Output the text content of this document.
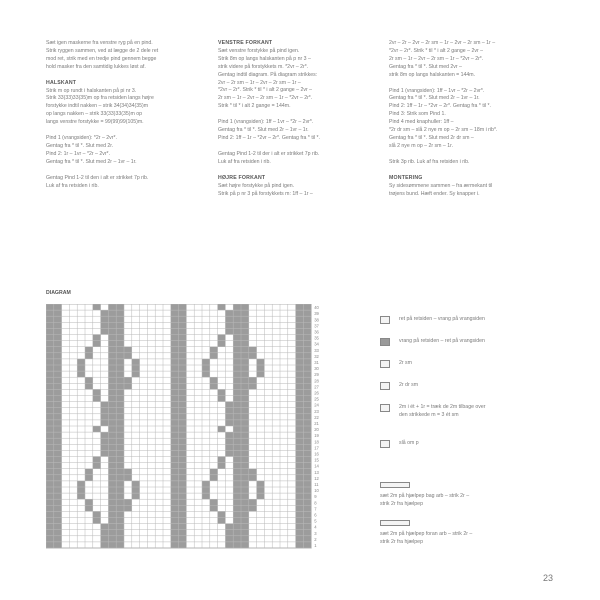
Sæt igen maskerne fra venstre ryg på en pind.
Strik ryggen sammen, ved at lægge de 2 dele ret
mod ret, strik med en tredje pind gennem begge
hold masker fra den samtidig lukkes løst af.
HALSKANT
Strik m op rundt i halskanten på pi nr 3.
Strik 33(33)33(35)m op fra retsiden langs højre
forstykke indtil nakken – strik 34(34)34(35)m
op langs nakken – strik 33(33)33(35)m op
langs venstre forstykke = 99(99)99(105)m.
Pind 1 (vrangsiden): *2r – 2vr*.
Gentag fra * til *. Slut med 2r.
Pind 2: 1r – 1vr – *2r – 2vr*.
Gentag fra * til *. Slut med 2r – 1vr – 1r.
Gentag Pind 1-2 til den i alt er strikket 7p rib.
Luk af fra retsiden i rib.
VENSTRE FORKANT
Sæt venstre forstykke på pind igen.
Strik 8m op langs halskanten på p nr 3 –
strik videre på forstykkets m. *2vr – 2r*.
Gentag indtil diagram. På diagram strikkes:
2vr – 2r sm – 1r – 2vr – 2r sm – 1r –
*2vr – 2r*. Strik * til * i alt 2 gange – 2vr –
2r sm – 1r – 2vr – 2r sm – 1r – *2vr – 2r*.
Strik * til * i alt 2 gange = 144m.
Pind 1 (vrangsiden): 1ff – 1vr – *2r – 2vr*.
Gentag fra * til *. Slut med 2r – 1vr – 1r.
Pind 2: 1ff – 1r – *2vr – 2r*. Gentag fra * til *.
Gentag Pind 1-2 til der i alt er strikket 7p rib.
Luk af fra retsiden i rib.
HØJRE FORKANT
Sæt højre forstykke på pind igen.
Strik på p nr 3 på forstykkets m: 1ff – 1r –
2vr – 2r – 2vr – 2r sm – 1r – 2vr – 2r sm – 1r –
*2vr – 2r*. Strik * til * i alt 2 gange – 2vr –
2r sm – 1r – 2vr – 2r sm – 1r – *2vr – 2r*.
Gentag fra * til *. Slut med 2vr –
strik 8m op langs halskanten = 144m.
Pind 1 (vrangsiden): 1ff – 1vr – *2r – 2vr*.
Gentag fra * til *. Slut med 2r – 1vr – 1r.
Pind 2: 1ff – 1r – *2vr – 2r*. Gentag fra * til *.
Pind 3: Strik som Pind 1.
Pind 4 med knaphuller: 1ff –
*2r dr sm – slå 2 nye m op – 2r sm – 18m i rib*.
Gentag fra * til *. Slut med 2r dr sm –
slå 2 nye m op – 2r sm – 1r.
Strik 3p rib. Luk af fra retsiden i rib.
MONTERING
Sy sidesømmene sammen – fra ærmekant til
trøjens bund. Hæft ender. Sy knapper i.
DIAGRAM
40
39
38
37
36
35
34
33
32
31
30
29
28
27
26
25
24
23
22
21
20
19
18
17
16
15
14
13
12
11
10
9
8
7
6
5
4
3
2
1
ret på retsiden – vrang på vrangsiden
vrang på retsiden – ret på vrangsiden
2r sm
2r dr sm
2m i ét + 1r = træk de 2m tilbage over
den strikkede m = 3 ét sm
slå om p
sæt 2m på hjælpep bag arb – strik 2r –
strik 2r fra hjælpep
sæt 2m på hjælpep foran arb – strik 2r –
strik 2r fra hjælpep
23
